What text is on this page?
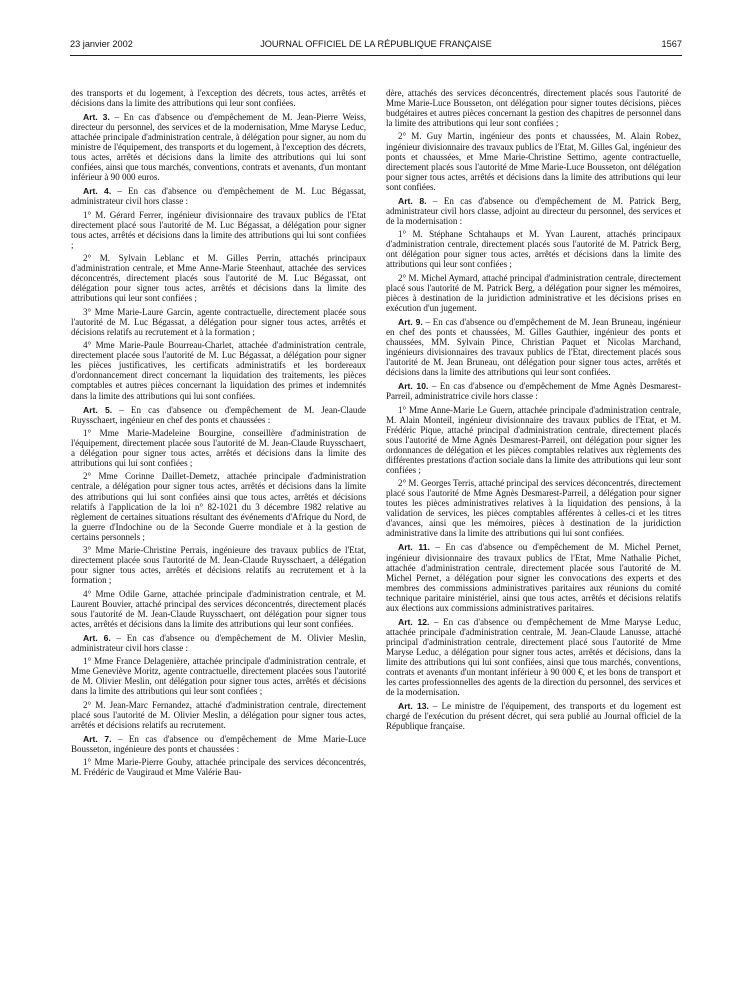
23 janvier 2002	JOURNAL OFFICIEL DE LA RÉPUBLIQUE FRANÇAISE	1567

des transports et du logement, à l'exception des décrets, tous actes, arrêtés et décisions dans la limite des attributions qui leur sont confiées.

Art. 3. – En cas d'absence ou d'empêchement de M. Jean-Pierre Weiss, directeur du personnel, des services et de la modernisation, Mme Maryse Leduc, attachée principale d'administration centrale, à délégation pour signer, au nom du ministre de l'équipement, des transports et du logement, à l'exception des décrets, tous actes, arrêtés et décisions dans la limite des attributions qui lui sont confiées, ainsi que tous marchés, conventions, contrats et avenants, d'un montant inférieur à 90 000 euros.

Art. 4. – En cas d'absence ou d'empêchement de M. Luc Bégassat, administrateur civil hors classe :

1° M. Gérard Ferrer, ingénieur divisionnaire des travaux publics de l'Etat directement placé sous l'autorité de M. Luc Bégassat, a délégation pour signer tous actes, arrêtés et décisions dans la limite des attributions qui lui sont confiées ;

2° M. Sylvain Leblanc et M. Gilles Perrin, attachés principaux d'administration centrale, et Mme Anne-Marie Steenhaut, attachée des services déconcentrés, directement placés sous l'autorité de M. Luc Bégassat, ont délégation pour signer tous actes, arrêtés et décisions dans la limite des attributions qui leur sont confiées ;

3° Mme Marie-Laure Garcin, agente contractuelle, directement placée sous l'autorité de M. Luc Bégassat, a délégation pour signer tous actes, arrêtés et décisions relatifs au recrutement et à la formation ;

4° Mme Marie-Paule Bourreau-Charlet, attachée d'administration centrale, directement placée sous l'autorité de M. Luc Bégassat, a délégation pour signer les pièces justificatives, les certificats administratifs et les bordereaux d'ordonnancement direct concernant la liquidation des traitements, les pièces comptables et autres pièces concernant la liquidation des primes et indemnités dans la limite des attributions qui lui sont confiées.

Art. 5. – En cas d'absence ou d'empêchement de M. Jean-Claude Ruysschaert, ingénieur en chef des ponts et chaussées :

1° Mme Marie-Madeleine Bourgine, conseillère d'administration de l'équipement, directement placée sous l'autorité de M. Jean-Claude Ruysschaert, a délégation pour signer tous actes, arrêtés et décisions dans la limite des attributions qui lui sont confiées ;

2° Mme Corinne Daillet-Demetz, attachée principale d'administration centrale, a délégation pour signer tous actes, arrêtés et décisions dans la limite des attributions qui lui sont confiées ainsi que tous actes, arrêtés et décisions relatifs à l'application de la loi n° 82-1021 du 3 décembre 1982 relative au règlement de certaines situations résultant des événements d'Afrique du Nord, de la guerre d'Indochine ou de la Seconde Guerre mondiale et à la gestion de certains personnels ;

3° Mme Marie-Christine Perrais, ingénieure des travaux publics de l'Etat, directement placée sous l'autorité de M. Jean-Claude Ruysschaert, a délégation pour signer tous actes, arrêtés et décisions relatifs au recrutement et à la formation ;

4° Mme Odile Garne, attachée principale d'administration centrale, et M. Laurent Bouvier, attaché principal des services déconcentrés, directement placés sous l'autorité de M. Jean-Claude Ruysschaert, ont délégation pour signer tous actes, arrêtés et décisions dans la limite des attributions qui leur sont confiées.

Art. 6. – En cas d'absence ou d'empêchement de M. Olivier Meslin, administrateur civil hors classe :

1° Mme France Delagenière, attachée principale d'administration centrale, et Mme Geneviève Moritz, agente contractuelle, directement placées sous l'autorité de M. Olivier Meslin, ont délégation pour signer tous actes, arrêtés et décisions dans la limite des attributions qui leur sont confiées ;

2° M. Jean-Marc Fernandez, attaché d'administration centrale, directement placé sous l'autorité de M. Olivier Meslin, a délégation pour signer tous actes, arrêtés et décisions relatifs au recrutement.

Art. 7. – En cas d'absence ou d'empêchement de Mme Marie-Luce Bousseton, ingénieure des ponts et chaussées :

1° Mme Marie-Pierre Gouby, attachée principale des services déconcentrés, M. Frédéric de Vaugiraud et Mme Valérie Bau-

dère, attachés des services déconcentrés, directement placés sous l'autorité de Mme Marie-Luce Bousseton, ont délégation pour signer toutes décisions, pièces budgétaires et autres pièces concernant la gestion des chapitres de personnel dans la limite des attributions qui leur sont confiées ;

2° M. Guy Martin, ingénieur des ponts et chaussées, M. Alain Robez, ingénieur divisionnaire des travaux publics de l'Etat, M. Gilles Gal, ingénieur des ponts et chaussées, et Mme Marie-Christine Settimo, agente contractuelle, directement placés sous l'autorité de Mme Marie-Luce Bousseton, ont délégation pour signer tous actes, arrêtés et décisions dans la limite des attributions qui leur sont confiées.

Art. 8. – En cas d'absence ou d'empêchement de M. Patrick Berg, administrateur civil hors classe, adjoint au directeur du personnel, des services et de la modernisation :

1° M. Stéphane Schtahaups et M. Yvan Laurent, attachés principaux d'administration centrale, directement placés sous l'autorité de M. Patrick Berg, ont délégation pour signer tous actes, arrêtés et décisions dans la limite des attributions qui leur sont confiées ;

2° M. Michel Aymard, attaché principal d'administration centrale, directement placé sous l'autorité de M. Patrick Berg, a délégation pour signer les mémoires, pièces à destination de la juridiction administrative et les décisions prises en exécution d'un jugement.

Art. 9. – En cas d'absence ou d'empêchement de M. Jean Bruneau, ingénieur en chef des ponts et chaussées, M. Gilles Gauthier, ingénieur des ponts et chaussées, MM. Sylvain Pince, Christian Paquet et Nicolas Marchand, ingénieurs divisionnaires des travaux publics de l'Etat, directement placés sous l'autorité de M. Jean Bruneau, ont délégation pour signer tous actes, arrêtés et décisions dans la limite des attributions qui leur sont confiées.

Art. 10. – En cas d'absence ou d'empêchement de Mme Agnès Desmarest-Parreil, administratrice civile hors classe :

1° Mme Anne-Marie Le Guern, attachée principale d'administration centrale, M. Alain Monteil, ingénieur divisionnaire des travaux publics de l'Etat, et M. Frédéric Pique, attaché principal d'administration centrale, directement placés sous l'autorité de Mme Agnès Desmarest-Parreil, ont délégation pour signer les ordonnances de délégation et les pièces comptables relatives aux règlements des différentes prestations d'action sociale dans la limite des attributions qui leur sont confiées ;

2° M. Georges Terris, attaché principal des services déconcentrés, directement placé sous l'autorité de Mme Agnès Desmarest-Parreil, a délégation pour signer toutes les pièces administratives relatives à la liquidation des pensions, à la validation de services, les pièces comptables afférentes à celles-ci et les titres d'avances, ainsi que les mémoires, pièces à destination de la juridiction administrative dans la limite des attributions qui lui sont confiées.

Art. 11. – En cas d'absence ou d'empêchement de M. Michel Pernet, ingénieur divisionnaire des travaux publics de l'Etat, Mme Nathalie Pichet, attachée d'administration centrale, directement placée sous l'autorité de M. Michel Pernet, a délégation pour signer les convocations des experts et des membres des commissions administratives paritaires aux réunions du comité technique paritaire ministériel, ainsi que tous actes, arrêtés et décisions relatifs aux élections aux commissions administratives paritaires.

Art. 12. – En cas d'absence ou d'empêchement de Mme Maryse Leduc, attachée principale d'administration centrale, M. Jean-Claude Lanusse, attaché principal d'administration centrale, directement placé sous l'autorité de Mme Maryse Leduc, a délégation pour signer tous actes, arrêtés et décisions, dans la limite des attributions qui lui sont confiées, ainsi que tous marchés, conventions, contrats et avenants d'un montant inférieur à 90 000 €, et les bons de transport et les cartes professionnelles des agents de la direction du personnel, des services et de la modernisation.

Art. 13. – Le ministre de l'équipement, des transports et du logement est chargé de l'exécution du présent décret, qui sera publié au Journal officiel de la République française.
